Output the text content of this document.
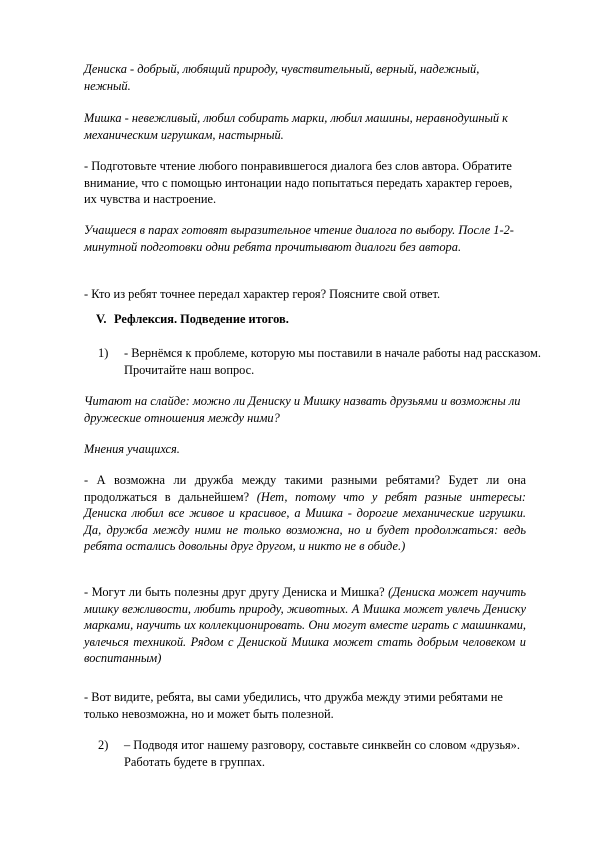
Дениска - добрый, любящий природу, чувствительный, верный, надежный, нежный.

Мишка - невежливый, любил собирать марки, любил машины, неравнодушный к механическим игрушкам, настырный.

- Подготовьте чтение любого понравившегося диалога без слов автора. Обратите внимание, что с помощью интонации надо попытаться передать характер героев, их чувства и настроение.

Учащиеся в парах готовят выразительное чтение диалога по выбору. После 1-2-минутной подготовки одни ребята прочитывают диалоги без автора.

- Кто из ребят точнее передал характер героя? Поясните свой ответ.

V. Рефлексия. Подведение итогов.
1) - Вернёмся к проблеме, которую мы поставили в начале работы над рассказом. Прочитайте наш вопрос.

Читают на слайде: можно ли Дениску и Мишку назвать друзьями и возможны ли дружеские отношения между ними?

Мнения учащихся.

- А возможна ли дружба между такими разными ребятами? Будет ли она продолжаться в дальнейшем? (Нет, потому что у ребят разные интересы: Дениска любил все живое и красивое, а Мишка - дорогие механические игрушки. Да, дружба между ними не только возможна, но и будет продолжаться: ведь ребята остались довольны друг другом, и никто не в обиде.)

- Могут ли быть полезны друг другу Дениска и Мишка? (Дениска может научить мишку вежливости, любить природу, животных. А Мишка может увлечь Дениску марками, научить их коллекционировать. Они могут вместе играть с машинками, увлечься техникой. Рядом с Дениской Мишка может стать добрым человеком и воспитанным)

- Вот видите, ребята, вы сами убедились, что дружба между этими ребятами не только невозможна, но и может быть полезной.

2) – Подводя итог нашему разговору, составьте синквейн со словом «друзья». Работать будете в группах.
